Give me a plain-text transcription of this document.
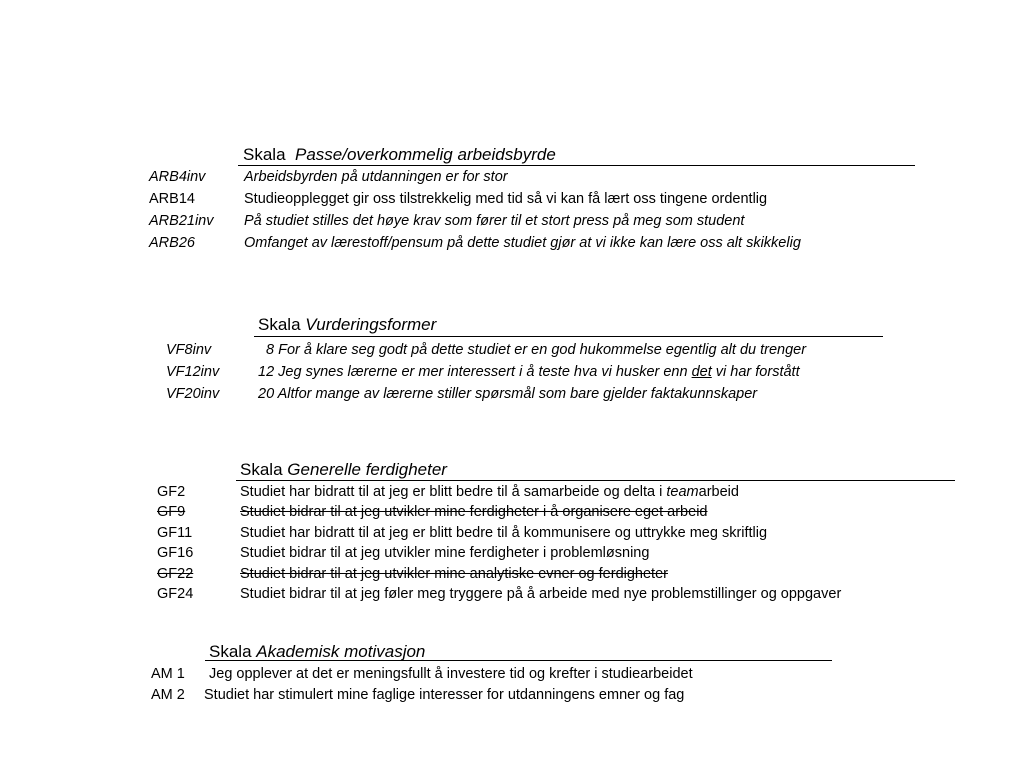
Skala Passe/overkommelig arbeidsbyrde
ARB4inv	Arbeidsbyrden på utdanningen er for stor
ARB14	Studieopplegget gir oss tilstrekkelig med tid så vi kan få lært oss tingene ordentlig
ARB21inv På studiet stilles det høye krav som fører til et stort press på meg som student
ARB26	Omfanget av lærestoff/pensum på dette studiet gjør at vi ikke kan lære oss alt skikkelig
Skala Vurderingsformer
VF8inv	8 For å klare seg godt på dette studiet er en god hukommelse egentlig alt du trenger
VF12inv	12 Jeg synes lærerne er mer interessert i å teste hva vi husker enn det vi har forstått
VF20inv	20 Altfor mange av lærerne stiller spørsmål som bare gjelder faktakunnskaper
Skala Generelle ferdigheter
GF2	Studiet har bidratt til at jeg er blitt bedre til å samarbeide og delta i teamarbeid
GF9	Studiet bidrar til at jeg utvikler mine ferdigheter i å organisere eget arbeid
GF11	Studiet har bidratt til at jeg er blitt bedre til å kommunisere og uttrykke meg skriftlig
GF16	Studiet bidrar til at jeg utvikler mine ferdigheter i problemløsning
GF22	Studiet bidrar til at jeg utvikler mine analytiske evner og ferdigheter
GF24	Studiet bidrar til at jeg føler meg tryggere på å arbeide med nye problemstillinger og oppgaver
Skala Akademisk motivasjon
AM 1 Jeg opplever at det er meningsfullt å investere tid og krefter i studiearbeidet
AM 2 Studiet har stimulert mine faglige interesser for utdanningens emner og fag
